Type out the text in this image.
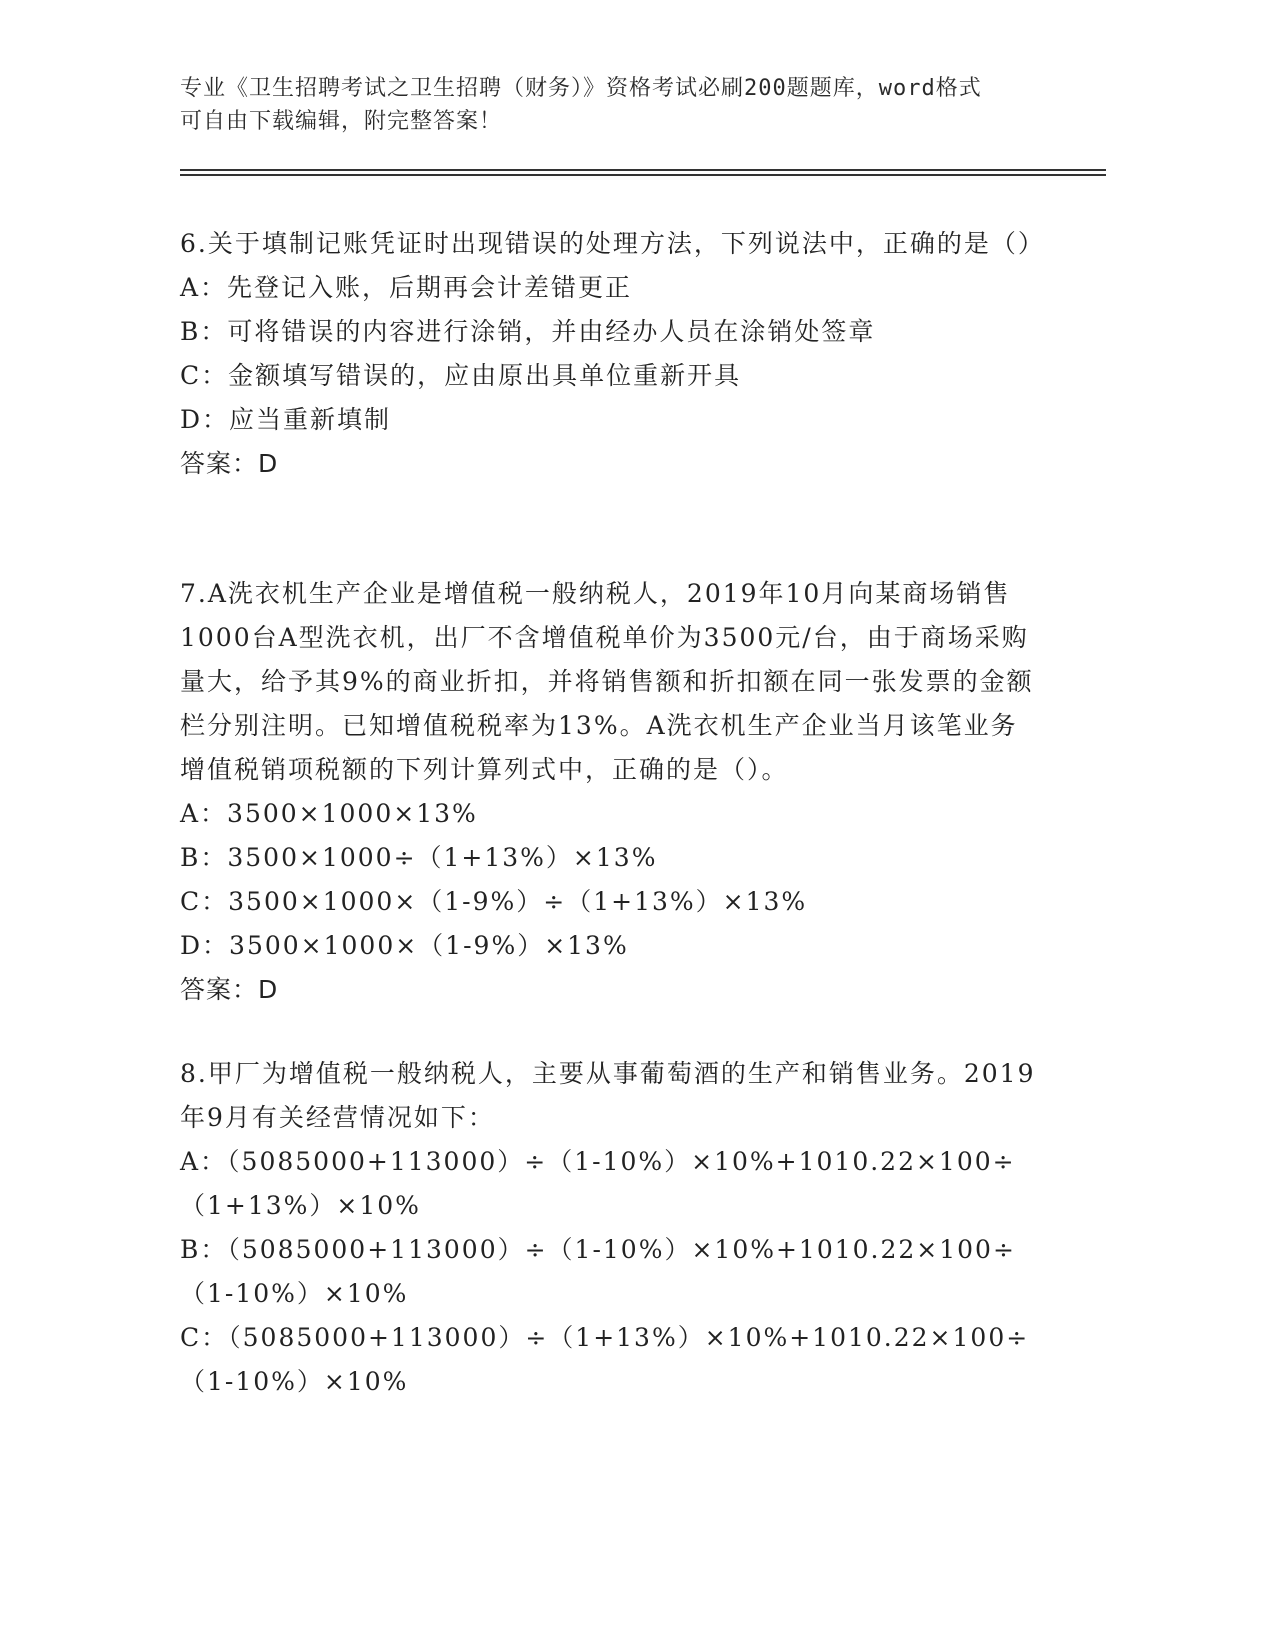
专业《卫生招聘考试之卫生招聘（财务）》资格考试必刷200题题库，word格式
可自由下载编辑，附完整答案！

6.关于填制记账凭证时出现错误的处理方法，下列说法中，正确的是（）

A：先登记入账，后期再会计差错更正

B：可将错误的内容进行涂销，并由经办人员在涂销处签章

C：金额填写错误的，应由原出具单位重新开具

D：应当重新填制

答案：D

7.A洗衣机生产企业是增值税一般纳税人，2019年10月向某商场销售1000台A型洗衣机，出厂不含增值税单价为3500元/台，由于商场采购量大，给予其9%的商业折扣，并将销售额和折扣额在同一张发票的金额栏分别注明。已知增值税税率为13%。A洗衣机生产企业当月该笔业务增值税销项税额的下列计算列式中，正确的是（）。

A：3500×1000×13%

B：3500×1000÷（1+13%）×13%

C：3500×1000×（1-9%）÷（1+13%）×13%

D：3500×1000×（1-9%）×13%

答案：D

8.甲厂为增值税一般纳税人，主要从事葡萄酒的生产和销售业务。2019年9月有关经营情况如下：

A：（5085000+113000）÷（1-10%）×10%+1010.22×100÷（1+13%）×10%

B：（5085000+113000）÷（1-10%）×10%+1010.22×100÷（1-10%）×10%

C：（5085000+113000）÷（1+13%）×10%+1010.22×100÷（1-10%）×10%
